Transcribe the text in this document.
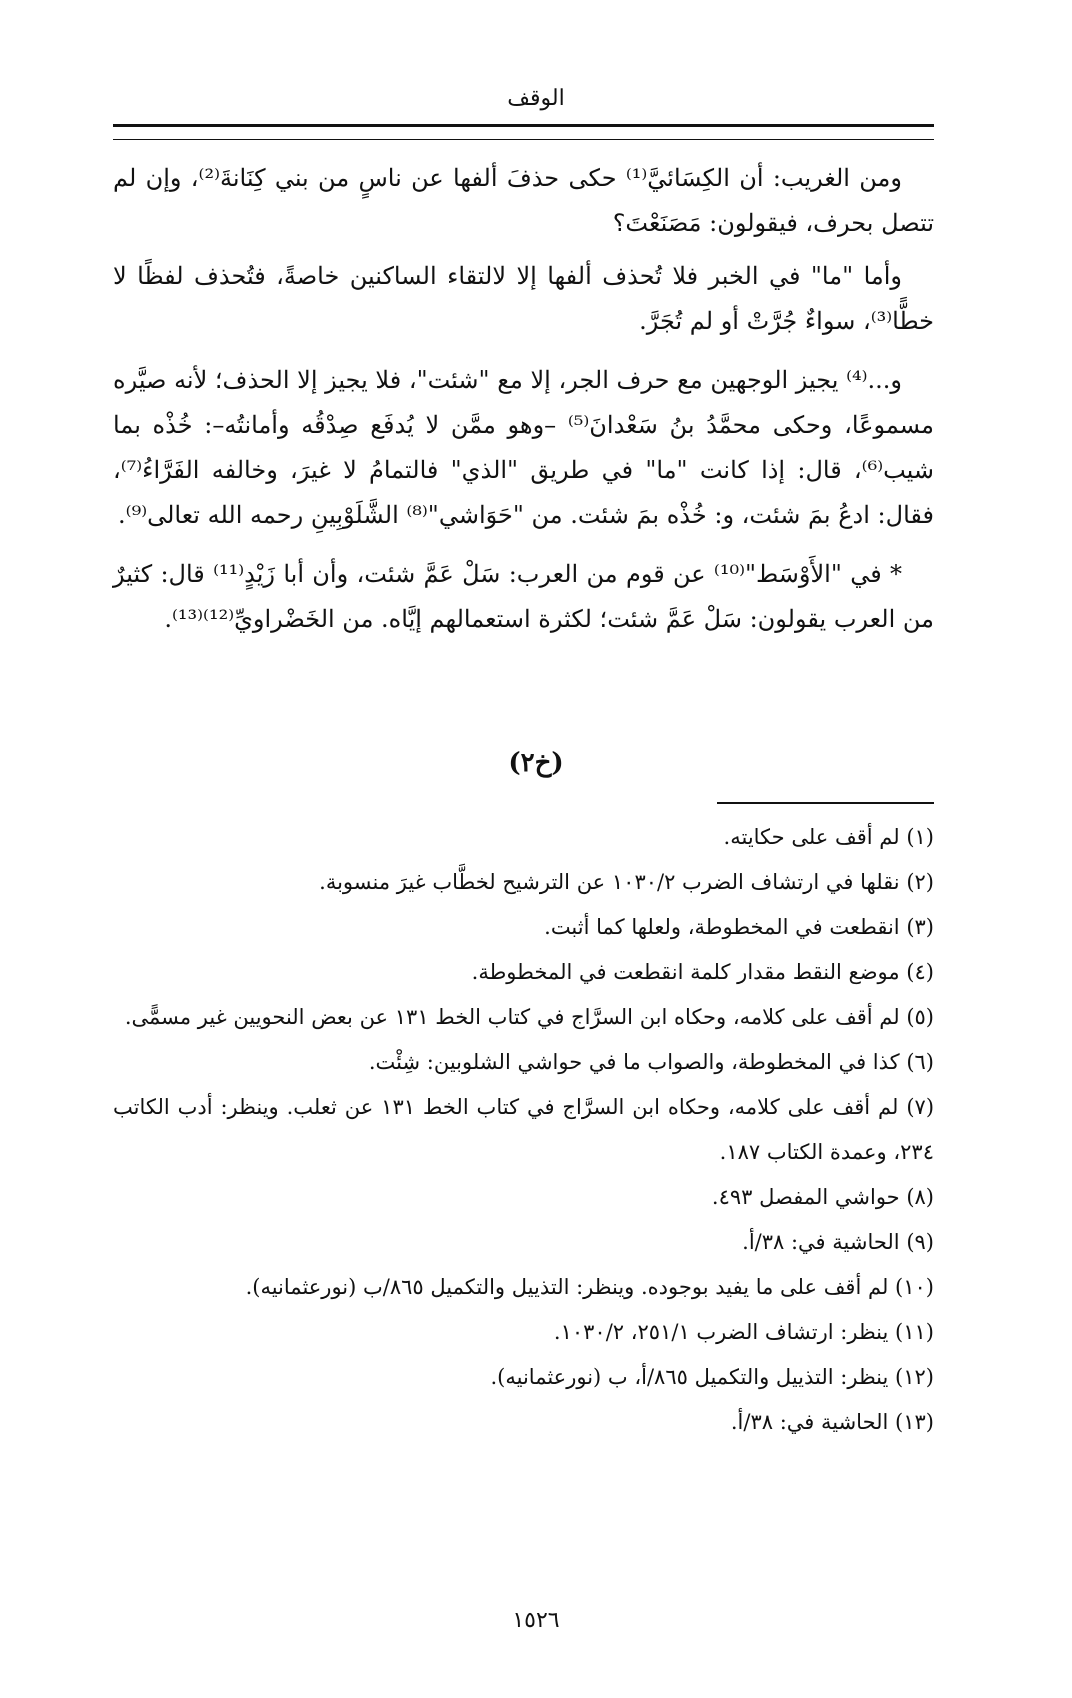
الوقف

ومن الغريب: أن الكِسَائيَّ⁽¹⁾ حكى حذفَ ألفها عن ناسٍ من بني كِنَانةَ⁽²⁾، وإن لم تتصل بحرف، فيقولون: مَصَنَعْتَ؟

وأما "ما" في الخبر فلا تُحذف ألفها إلا لالتقاء الساكنين خاصةً، فتُحذف لفظًا لا خطًّا⁽³⁾، سواءٌ جُرَّتْ أو لم تُجَرَّ.

و...⁽⁴⁾ يجيز الوجهين مع حرف الجر، إلا مع "شئت"، فلا يجيز إلا الحذف؛ لأنه صيَّره مسموعًا، وحكى محمَّدُ بنُ سَعْدانَ⁽⁵⁾ –وهو ممَّن لا يُدفَع صِدْقُه وأمانتُه–: خُذْه بما شيب⁽⁶⁾، قال: إذا كانت "ما" في طريق "الذي" فالتمامُ لا غيرَ، وخالفه الفَرَّاءُ⁽⁷⁾، فقال: ادعُ بمَ شئت، و: خُذْه بمَ شئت. من "حَوَاشي"⁽⁸⁾ الشَّلَوْبِينِ رحمه الله تعالى⁽⁹⁾.

* في "الأَوْسَط"⁽¹⁰⁾ عن قوم من العرب: سَلْ عَمَّ شئت، وأن أبا زَيْدٍ⁽¹¹⁾ قال: كثيرٌ من العرب يقولون: سَلْ عَمَّ شئت؛ لكثرة استعمالهم إيَّاه. من الخَضْراويِّ⁽¹²⁾⁽¹³⁾.

(خ٢)

(١) لم أقف على حكايته.

(٢) نقلها في ارتشاف الضرب ١٠٣٠/٢ عن الترشيح لخطَّاب غيرَ منسوبة.

(٣) انقطعت في المخطوطة، ولعلها كما أثبت.

(٤) موضع النقط مقدار كلمة انقطعت في المخطوطة.

(٥) لم أقف على كلامه، وحكاه ابن السرَّاج في كتاب الخط ١٣١ عن بعض النحويين غير مسمًّى.

(٦) كذا في المخطوطة، والصواب ما في حواشي الشلوبين: شِئْت.

(٧) لم أقف على كلامه، وحكاه ابن السرَّاج في كتاب الخط ١٣١ عن ثعلب. وينظر: أدب الكاتب ٢٣٤، وعمدة الكتاب ١٨٧.

(٨) حواشي المفصل ٤٩٣.

(٩) الحاشية في: ٣٨/أ.

(١٠) لم أقف على ما يفيد بوجوده. وينظر: التذييل والتكميل ٨٦٥/ب (نورعثمانيه).

(١١) ينظر: ارتشاف الضرب ٢٥١/١، ١٠٣٠/٢.

(١٢) ينظر: التذييل والتكميل ٨٦٥/أ، ب (نورعثمانيه).

(١٣) الحاشية في: ٣٨/أ.

١٥٢٦
